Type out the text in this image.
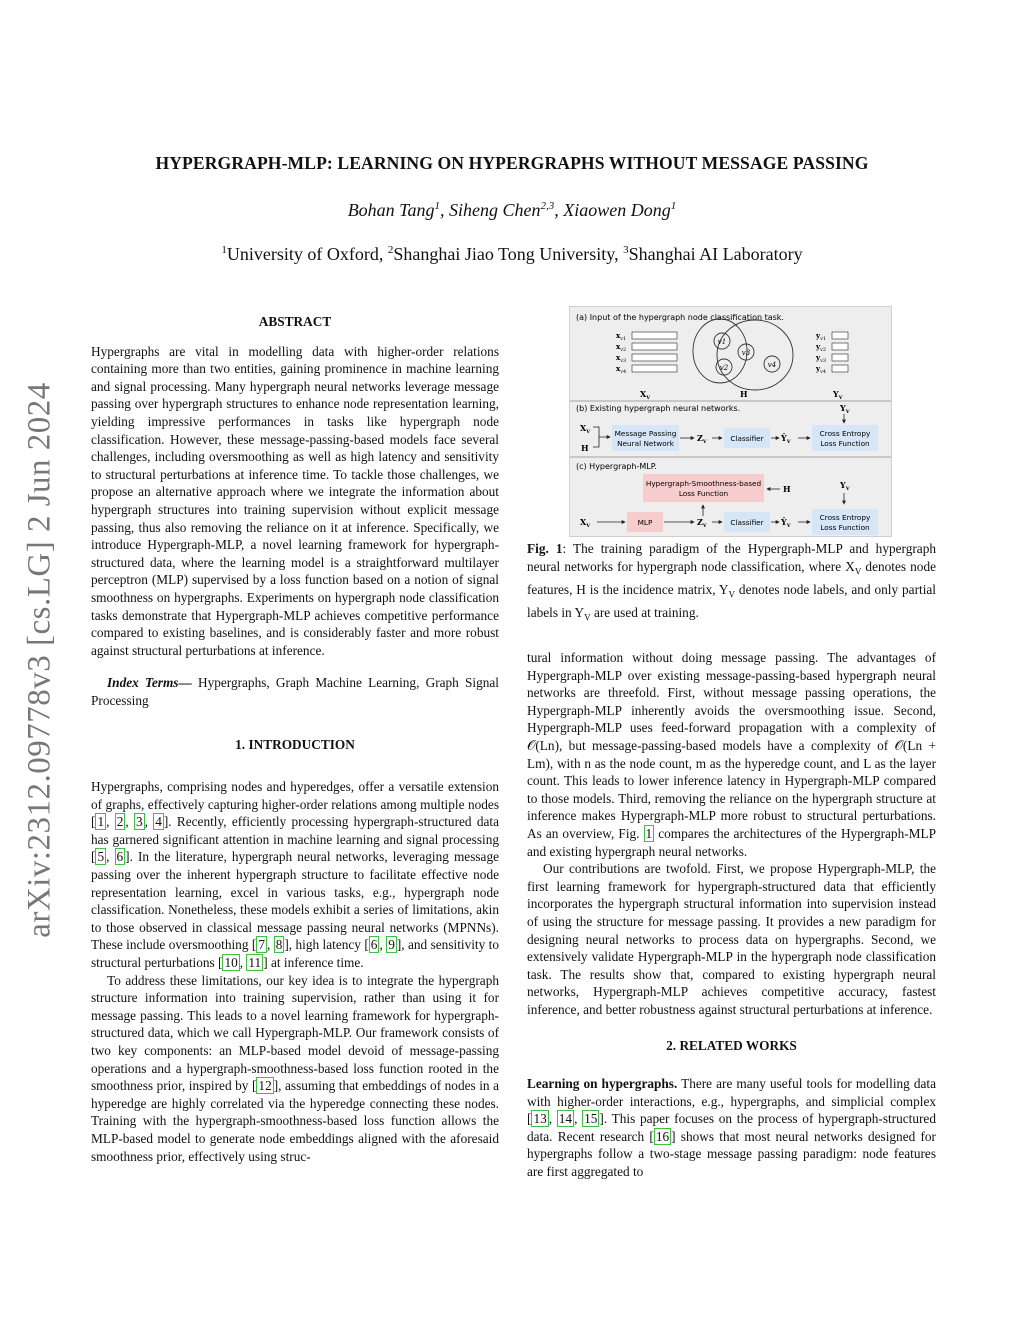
arXiv:2312.09778v3 [cs.LG] 2 Jun 2024
HYPERGRAPH-MLP: LEARNING ON HYPERGRAPHS WITHOUT MESSAGE PASSING
Bohan Tang$^1$, Siheng Chen$^{2,3}$, Xiaowen Dong$^1$
$^1$University of Oxford, $^2$Shanghai Jiao Tong University, $^3$Shanghai AI Laboratory
ABSTRACT

Hypergraphs are vital in modelling data with higher-order relations containing more than two entities, gaining prominence in machine learning and signal processing. Many hypergraph neural networks leverage message passing over hypergraph structures to enhance node representation learning, yielding impressive performances in tasks like hypergraph node classification. However, these message-passing-based models face several challenges, including oversmoothing as well as high latency and sensitivity to structural perturbations at inference time. To tackle those challenges, we propose an alternative approach where we integrate the information about hypergraph structures into training supervision without explicit message passing, thus also removing the reliance on it at inference. Specifically, we introduce Hypergraph-MLP, a novel learning framework for hypergraph-structured data, where the learning model is a straightforward multilayer perceptron (MLP) supervised by a loss function based on a notion of signal smoothness on hypergraphs. Experiments on hypergraph node classification tasks demonstrate that Hypergraph-MLP achieves competitive performance compared to existing baselines, and is considerably faster and more robust against structural perturbations at inference.

Index Terms— Hypergraphs, Graph Machine Learning, Graph Signal Processing

1. INTRODUCTION

Hypergraphs, comprising nodes and hyperedges, offer a versatile extension of graphs, effectively capturing higher-order relations among multiple nodes [ 1 , 2 , 3 , 4 ]. Recently, efficiently processing hypergraph-structured data has garnered significant attention in machine learning and signal processing [ 5 , 6 ]. In the literature, hypergraph neural networks, leveraging message passing over the inherent hypergraph structure to facilitate effective node representation learning, excel in various tasks, e.g., hypergraph node classification. Nonetheless, these models exhibit a series of limitations, akin to those observed in classical message passing neural networks (MPNNs). These include oversmoothing [ 7 , 8 ], high latency [ 6 , 9 ], and sensitivity to structural perturbations [ 10 , 11 ] at inference time.

To address these limitations, our key idea is to integrate the hypergraph structure information into training supervision, rather than using it for message passing. This leads to a novel learning framework for hypergraph-structured data, which we call Hypergraph-MLP. Our framework consists of two key components: an MLP-based model devoid of message-passing operations and a hypergraph-smoothness-based loss function rooted in the smoothness prior, inspired by [ 12 ], assuming that embeddings of nodes in a hyperedge are highly correlated via the hyperedge connecting these nodes. Training with the hypergraph-smoothness-based loss function allows the MLP-based model to generate node embeddings aligned with the aforesaid smoothness prior, effectively using struc-

(a) Input of the hypergraph node classification task.
$x_{v1}$
$x_{v2}$
$x_{v3}$
$x_{v4}$
v1
v3
v2	v4
$y_{v1}$
$y_{v2}$
$y_{v3}$
$y_{v4}$
$X_V$	H	$Y_V$
(b) Existing hypergraph neural networks.	$Y_V$
$X_V$
H
Message Passing
Neural Network
$Z_V$	Classifier $Ŷ_V$
Cross Entropy
Loss Function
(c) Hypergraph-MLP.
Hypergraph-Smoothness-based
Loss Function	H	$Y_V$
$X_V$	MLP	$Z_V$	Classifier $Ŷ_V$
Cross Entropy
Loss Function
Fig. 1: The training paradigm of the Hypergraph-MLP and hypergraph neural networks for hypergraph node classification, where $X_V$ denotes node features, H is the incidence matrix, $Y_V$ denotes node labels, and only partial labels in $Y_V$ are used at training.

tural information without doing message passing. The advantages of Hypergraph-MLP over existing message-passing-based hypergraph neural networks are threefold. First, without message passing operations, the Hypergraph-MLP inherently avoids the oversmoothing issue. Second, Hypergraph-MLP uses feed-forward propagation with a complexity of 𝒪(Ln), but message-passing-based models have a complexity of 𝒪(Ln + Lm), with n as the node count, m as the hyperedge count, and L as the layer count. This leads to lower inference latency in Hypergraph-MLP compared to those models. Third, removing the reliance on the hypergraph structure at inference makes Hypergraph-MLP more robust to structural perturbations. As an overview, Fig. 1 compares the architectures of the Hypergraph-MLP and existing hypergraph neural networks.

Our contributions are twofold. First, we propose Hypergraph-MLP, the first learning framework for hypergraph-structured data that efficiently incorporates the hypergraph structural information into supervision instead of using the structure for message passing. It provides a new paradigm for designing neural networks to process data on hypergraphs. Second, we extensively validate Hypergraph-MLP in the hypergraph node classification task. The results show that, compared to existing hypergraph neural networks, Hypergraph-MLP achieves competitive accuracy, fastest inference, and better robustness against structural perturbations at inference.

2. RELATED WORKS

Learning on hypergraphs. There are many useful tools for modelling data with higher-order interactions, e.g., hypergraphs, and simplicial complex [ 13 , 14 , 15 ]. This paper focuses on the process of hypergraph-structured data. Recent research [ 16 ] shows that most neural networks designed for hypergraphs follow a two-stage message passing paradigm: node features are first aggregated to
